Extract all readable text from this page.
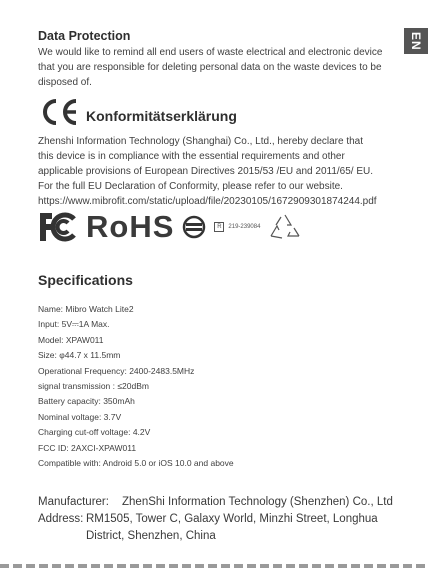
EN
Data Protection
We would like to remind all end users of waste electrical and electronic device
that you are responsible for deleting personal data on the waste devices to be
disposed of.
Konformitätserklärung
Zhenshi Information Technology (Shanghai) Co., Ltd., hereby declare that
this device is in compliance with the essential requirements and other
applicable provisions of European Directives 2015/53 /EU and 2011/65/ EU.
For the full EU Declaration of Conformity, please refer to our website.
https://www.mibrofit.com/static/upload/file/20230105/1672909301874244.pdf
RoHS	R	219-239084
Specifications
Name: Mibro Watch Lite2
Input: 5V⎓1A Max.
Model: XPAW011
Size: φ44.7 x 11.5mm
Operational Frequency: 2400-2483.5MHz
signal transmission : ≤20dBm
Battery capacity: 350mAh
Nominal voltage: 3.7V
Charging cut-off voltage: 4.2V
FCC ID: 2AXCI-XPAW011
Compatible with: Android 5.0 or iOS 10.0 and above
Manufacturer:	ZhenShi Information Technology (Shenzhen) Co., Ltd
Address: RM1505, Tower C, Galaxy World, Minzhi Street, Longhua
District, Shenzhen, China
